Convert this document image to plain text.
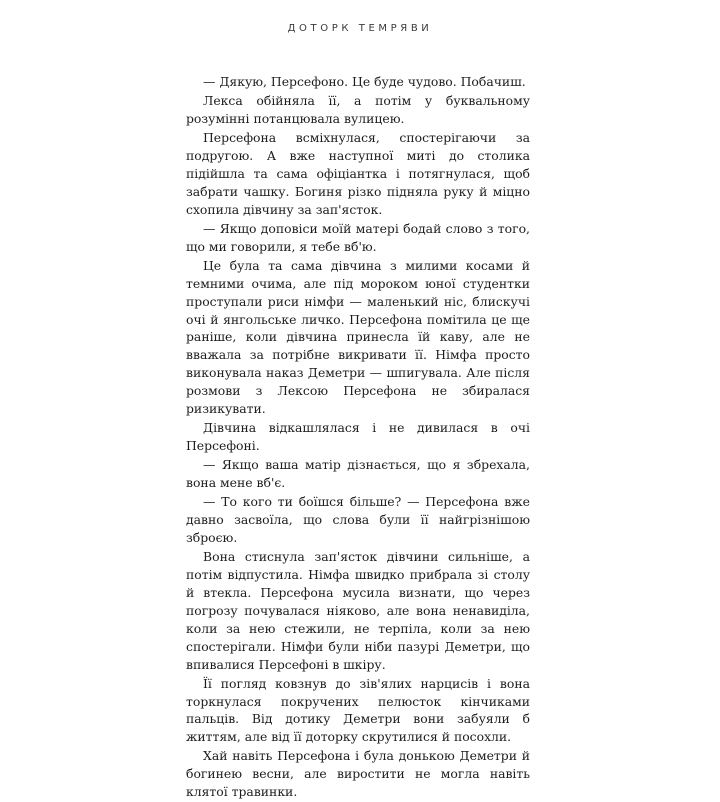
ДОТОРК ТЕМРЯВИ

— Дякую, Персефоно. Це буде чудово. Побачиш.

Лекса обійняла її, а потім у буквальному розумінні потанцювала вулицею.

Персефона всміхнулася, спостерігаючи за подругою. А вже наступної миті до столика підійшла та сама офіціантка і потягнулася, щоб забрати чашку. Богиня різко підняла руку й міцно схопила дівчину за зап'ясток.

— Якщо доповіси моїй матері бодай слово з того, що ми говорили, я тебе вб'ю.

Це була та сама дівчина з милими косами й темними очима, але під мороком юної студентки проступали риси німфи — маленький ніс, блискучі очі й янгольське личко. Персефона помітила це ще раніше, коли дівчина принесла їй каву, але не вважала за потрібне викривати її. Німфа просто виконувала наказ Деметри — шпигувала. Але після розмови з Лексою Персефона не збиралася ризикувати.

Дівчина відкашлялася і не дивилася в очі Персефоні.

— Якщо ваша матір дізнається, що я збрехала, вона мене вб'є.

— То кого ти боїшся більше? — Персефона вже давно засвоїла, що слова були її найгрізнішою зброєю.

Вона стиснула зап'ясток дівчини сильніше, а потім відпустила. Німфа швидко прибрала зі столу й втекла. Персефона мусила визнати, що через погрозу почувалася ніяково, але вона ненавиділа, коли за нею стежили, не терпіла, коли за нею спостерігали. Німфи були ніби пазурі Деметри, що впивалися Персефоні в шкіру.

Її погляд ковзнув до зів'ялих нарцисів і вона торкнулася покручених пелюсток кінчиками пальців. Від дотику Деметри вони забуяли б життям, але від її доторку скрутилися й посохли.

Хай навіть Персефона і була донькою Деметри й богинею весни, але виростити не могла навіть клятої травинки.
